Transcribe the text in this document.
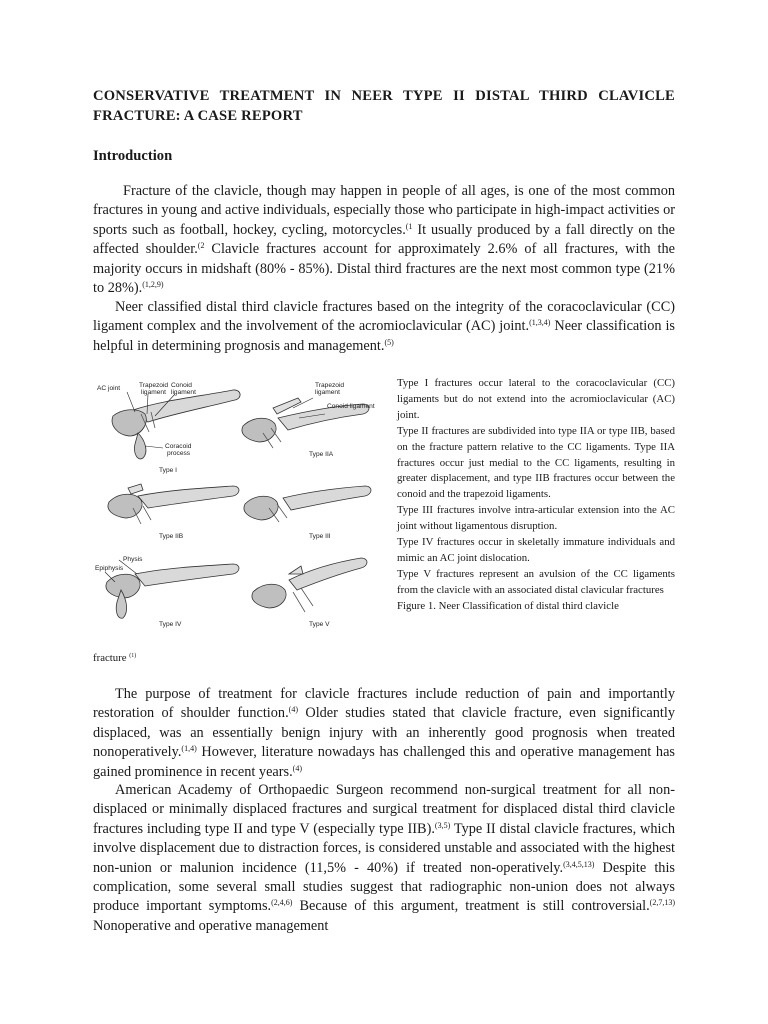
CONSERVATIVE TREATMENT IN NEER TYPE II DISTAL THIRD CLAVICLE FRACTURE: A CASE REPORT
Introduction

Fracture of the clavicle, though may happen in people of all ages, is one of the most common fractures in young and active individuals, especially those who participate in high-impact activities or sports such as football, hockey, cycling, motorcycles.$^{(1}$ It usually produced by a fall directly on the affected shoulder.$^{(2}$ Clavicle fractures account for approximately 2.6% of all fractures, with the majority occurs in midshaft (80% - 85%). Distal third fractures are the next most common type (21% to 28%).$^{(1,2,9)}$

Neer classified distal third clavicle fractures based on the integrity of the coracoclavicular (CC) ligament complex and the involvement of the acromioclavicular (AC) joint.$^{(1,3,4)}$ Neer classification is helpful in determining prognosis and management.$^{(5)}$

AC joint	Trapezoid
ligament
Conoid
ligament
Coracoid
process
Type I
Trapezoid
ligament
Conoid ligament
Type IIA
Type IIB	Type III
Physis
Epiphysis
Type IV	Type V

Type I fractures occur lateral to the coracoclavicular (CC) ligaments but do not extend into the acromioclavicular (AC) joint.

Type II fractures are subdivided into type IIA or type IIB, based on the fracture pattern relative to the CC ligaments. Type IIA fractures occur just medial to the CC ligaments, resulting in greater displacement, and type IIB fractures occur between the conoid and the trapezoid ligaments.

Type III fractures involve intra-articular extension into the AC joint without ligamentous disruption.

Type IV fractures occur in skeletally immature individuals and mimic an AC joint dislocation.

Type V fractures represent an avulsion of the CC ligaments from the clavicle with an associated distal clavicular fractures

Figure 1. Neer Classification of distal third clavicle

fracture $^{(1)}$

The purpose of treatment for clavicle fractures include reduction of pain and importantly restoration of shoulder function.$^{(4)}$ Older studies stated that clavicle fracture, even significantly displaced, was an essentially benign injury with an inherently good prognosis when treated nonoperatively.$^{(1,4)}$ However, literature nowadays has challenged this and operative management has gained prominence in recent years.$^{(4)}$

American Academy of Orthopaedic Surgeon recommend non-surgical treatment for all non-displaced or minimally displaced fractures and surgical treatment for displaced distal third clavicle fractures including type II and type V (especially type IIB).$^{(3,5)}$ Type II distal clavicle fractures, which involve displacement due to distraction forces, is considered unstable and associated with the highest non-union or malunion incidence (11,5% - 40%) if treated non-operatively.$^{(3,4,5,13)}$ Despite this complication, some several small studies suggest that radiographic non-union does not always produce important symptoms.$^{(2,4,6)}$ Because of this argument, treatment is still controversial.$^{(2,7,13)}$ Nonoperative and operative management
